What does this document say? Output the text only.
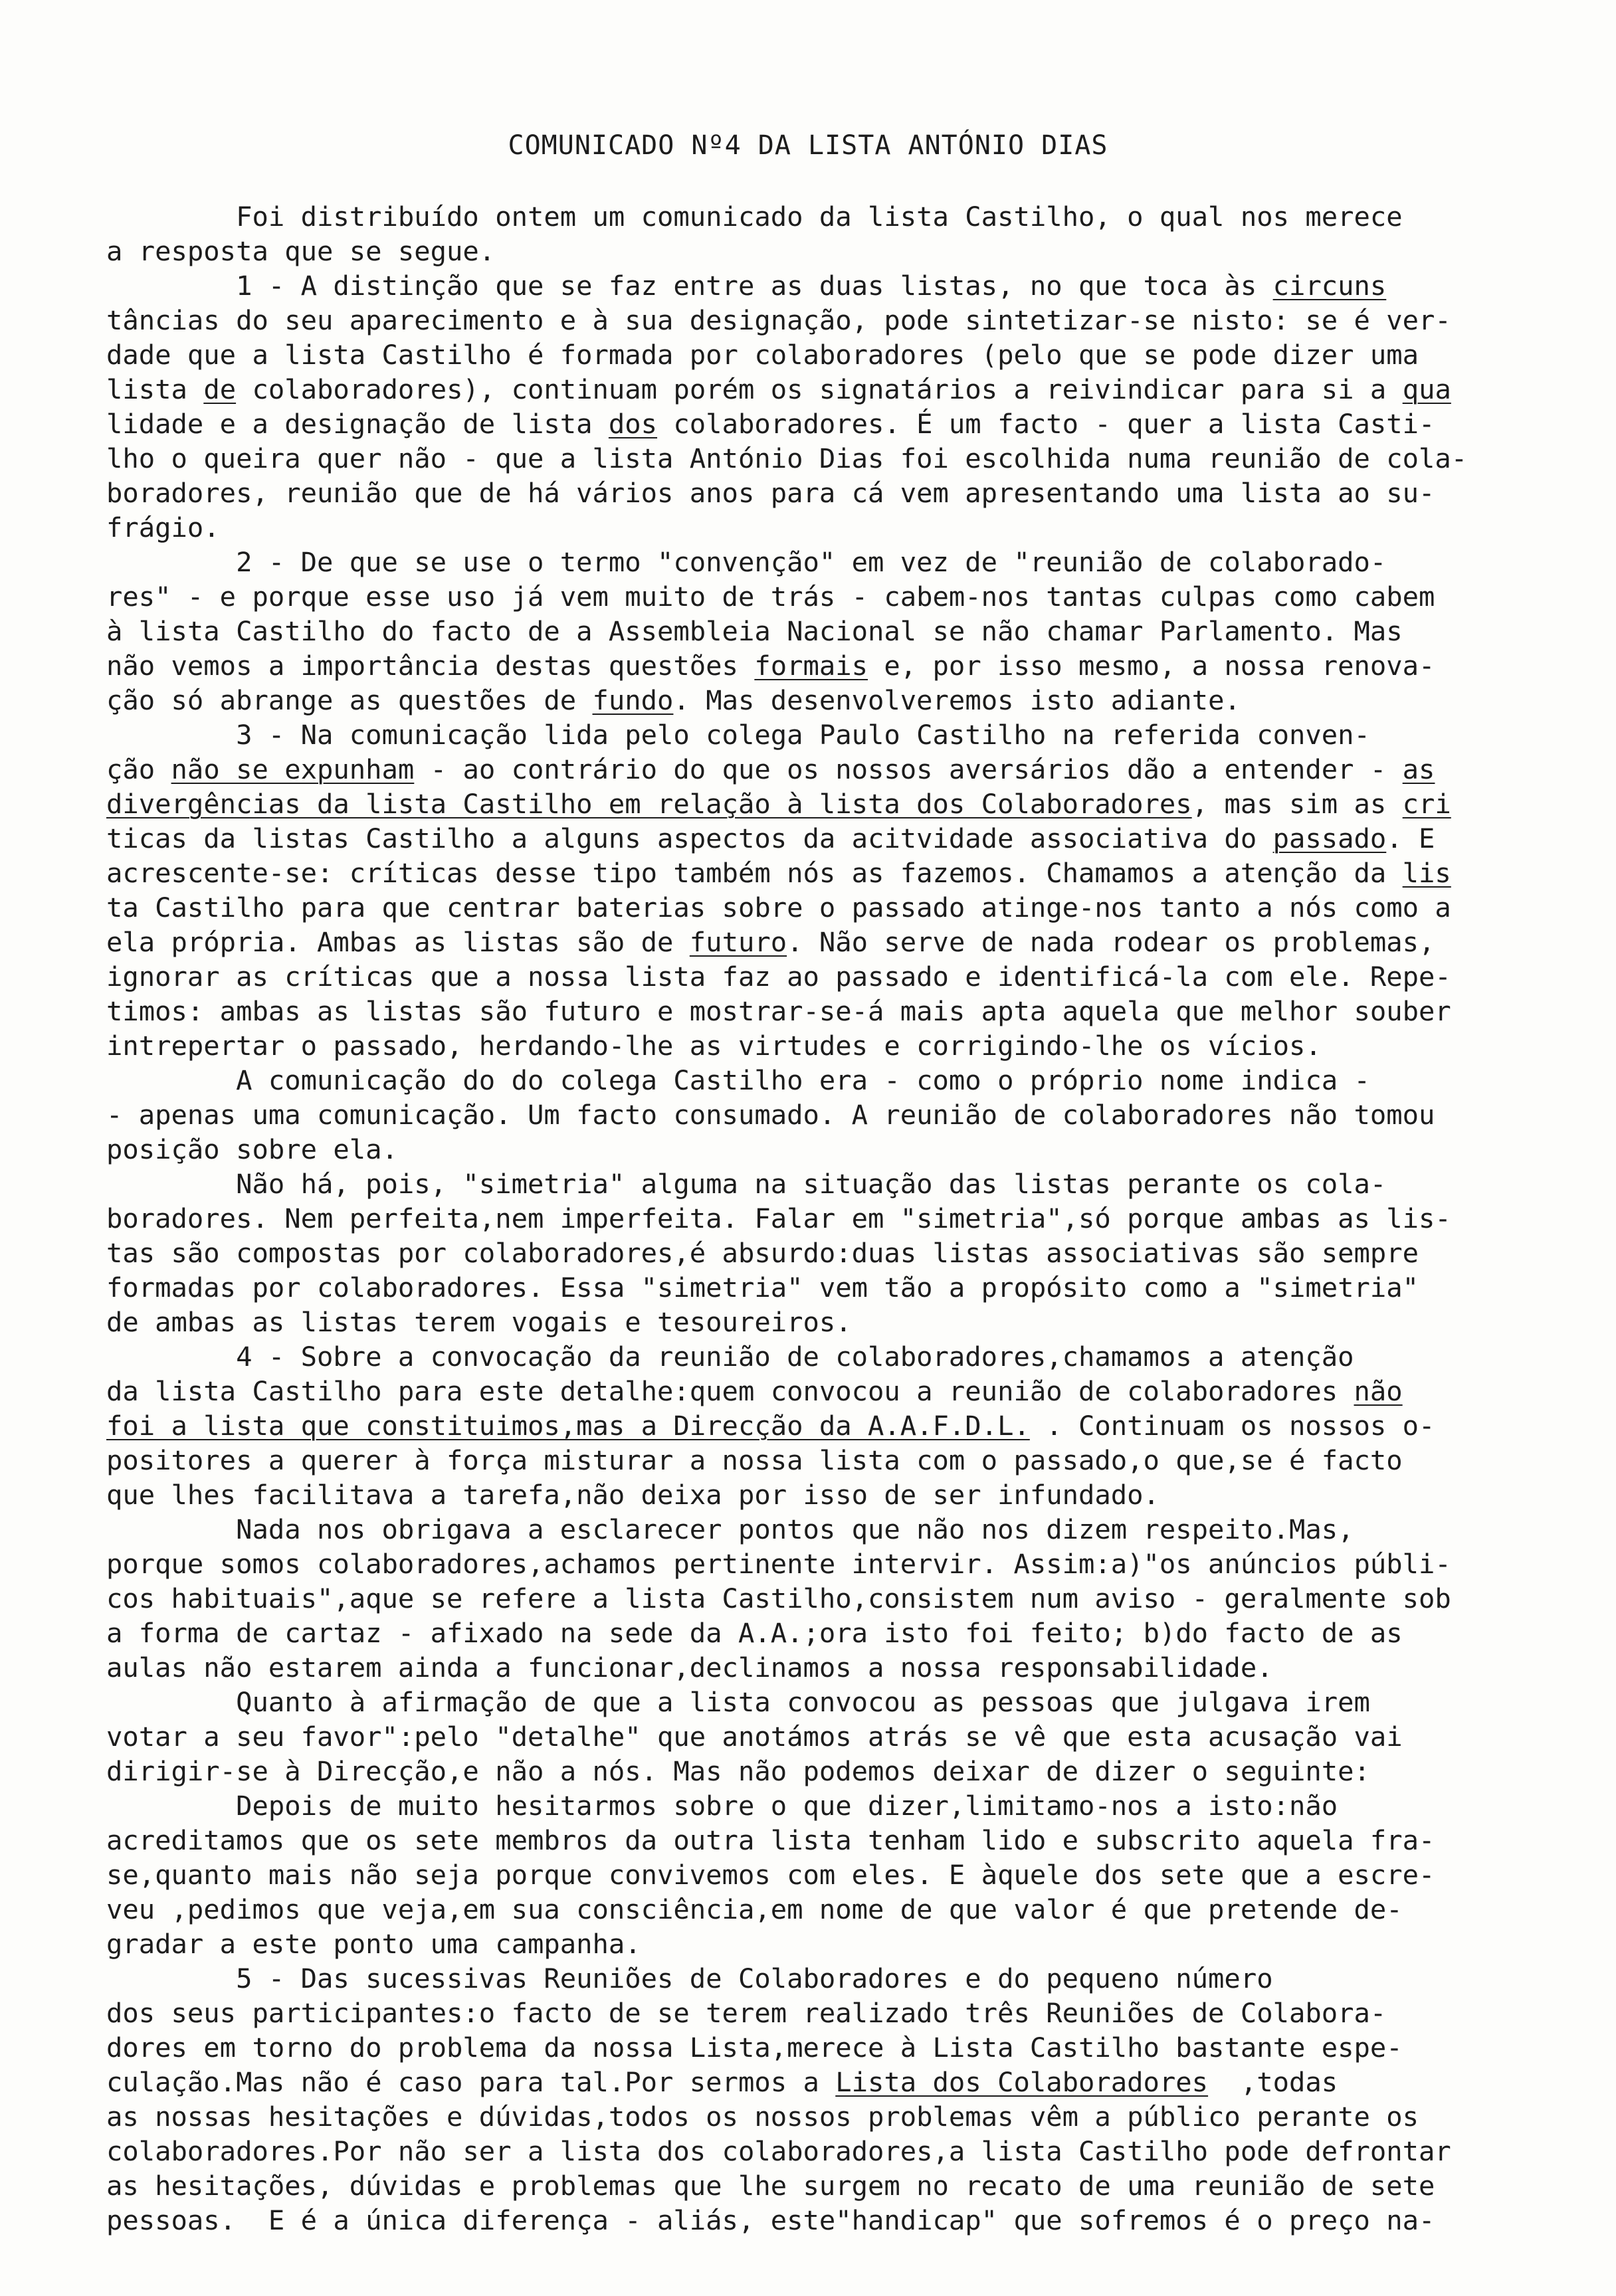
COMUNICADO Nº4 DA LISTA ANTÓNIO DIAS
Foi distribuído ontem um comunicado da lista Castilho, o qual nos merece
a resposta que se segue.
1 - A distinção que se faz entre as duas listas, no que toca às circuns
tâncias do seu aparecimento e à sua designação, pode sintetizar-se nisto: se é ver-
dade que a lista Castilho é formada por colaboradores (pelo que se pode dizer uma
lista de colaboradores), continuam porém os signatários a reivindicar para si a qua
lidade e a designação de lista dos colaboradores. É um facto - quer a lista Casti-
lho o queira quer não - que a lista António Dias foi escolhida numa reunião de cola-
boradores, reunião que de há vários anos para cá vem apresentando uma lista ao su-
frágio.
2 - De que se use o termo "convenção" em vez de "reunião de colaborado-
res" - e porque esse uso já vem muito de trás - cabem-nos tantas culpas como cabem
à lista Castilho do facto de a Assembleia Nacional se não chamar Parlamento. Mas
não vemos a importância destas questões formais e, por isso mesmo, a nossa renova-
ção só abrange as questões de fundo. Mas desenvolveremos isto adiante.
3 - Na comunicação lida pelo colega Paulo Castilho na referida conven-
ção não se expunham - ao contrário do que os nossos aversários dão a entender - as
divergências da lista Castilho em relação à lista dos Colaboradores, mas sim as cri
ticas da listas Castilho a alguns aspectos da acitvidade associativa do passado. E
acrescente-se: críticas desse tipo também nós as fazemos. Chamamos a atenção da lis
ta Castilho para que centrar baterias sobre o passado atinge-nos tanto a nós como a
ela própria. Ambas as listas são de futuro. Não serve de nada rodear os problemas,
ignorar as críticas que a nossa lista faz ao passado e identificá-la com ele. Repe-
timos: ambas as listas são futuro e mostrar-se-á mais apta aquela que melhor souber
intrepertar o passado, herdando-lhe as virtudes e corrigindo-lhe os vícios.
A comunicação do do colega Castilho era - como o próprio nome indica -
- apenas uma comunicação. Um facto consumado. A reunião de colaboradores não tomou
posição sobre ela.
Não há, pois, "simetria" alguma na situação das listas perante os cola-
boradores. Nem perfeita,nem imperfeita. Falar em "simetria",só porque ambas as lis-
tas são compostas por colaboradores,é absurdo:duas listas associativas são sempre
formadas por colaboradores. Essa "simetria" vem tão a propósito como a "simetria"
de ambas as listas terem vogais e tesoureiros.
4 - Sobre a convocação da reunião de colaboradores,chamamos a atenção
da lista Castilho para este detalhe:quem convocou a reunião de colaboradores não
foi a lista que constituimos,mas a Direcção da A.A.F.D.L. . Continuam os nossos o-
positores a querer à força misturar a nossa lista com o passado,o que,se é facto
que lhes facilitava a tarefa,não deixa por isso de ser infundado.
Nada nos obrigava a esclarecer pontos que não nos dizem respeito.Mas,
porque somos colaboradores,achamos pertinente intervir. Assim:a)"os anúncios públi-
cos habituais",aque se refere a lista Castilho,consistem num aviso - geralmente sob
a forma de cartaz - afixado na sede da A.A.;ora isto foi feito; b)do facto de as
aulas não estarem ainda a funcionar,declinamos a nossa responsabilidade.
Quanto à afirmação de que a lista convocou as pessoas que julgava irem
votar a seu favor":pelo "detalhe" que anotámos atrás se vê que esta acusação vai
dirigir-se à Direcção,e não a nós. Mas não podemos deixar de dizer o seguinte:
Depois de muito hesitarmos sobre o que dizer,limitamo-nos a isto:não
acreditamos que os sete membros da outra lista tenham lido e subscrito aquela fra-
se,quanto mais não seja porque convivemos com eles. E àquele dos sete que a escre-
veu ,pedimos que veja,em sua consciência,em nome de que valor é que pretende de-
gradar a este ponto uma campanha.
5 - Das sucessivas Reuniões de Colaboradores e do pequeno número
dos seus participantes:o facto de se terem realizado três Reuniões de Colabora-
dores em torno do problema da nossa Lista,merece à Lista Castilho bastante espe-
culação.Mas não é caso para tal.Por sermos a Lista dos Colaboradores  ,todas
as nossas hesitações e dúvidas,todos os nossos problemas vêm a público perante os
colaboradores.Por não ser a lista dos colaboradores,a lista Castilho pode defrontar
as hesitações, dúvidas e problemas que lhe surgem no recato de uma reunião de sete
pessoas.  E é a única diferença - aliás, este"handicap" que sofremos é o preço na-
